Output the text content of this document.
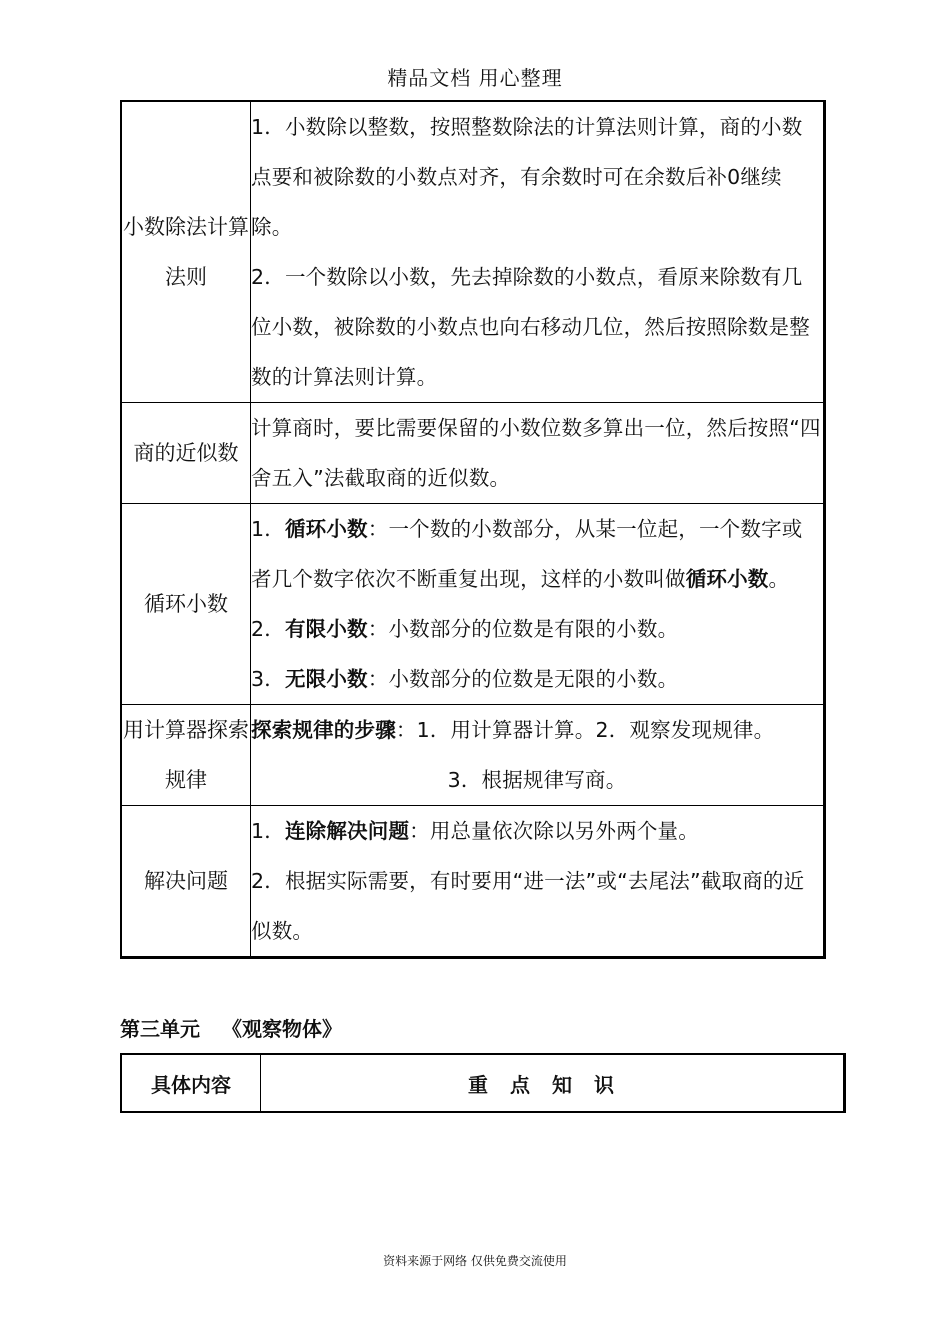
精品文档 用心整理
小数除法计算法则	1．小数除以整数，按照整数除法的计算法则计算，商的小数点要和被除数的小数点对齐，有余数时可在余数后补0继续除。

2．一个数除以小数，先去掉除数的小数点，看原来除数有几位小数，被除数的小数点也向右移动几位，然后按照除数是整数的计算法则计算。

商的近似数	计算商时，要比需要保留的小数位数多算出一位，然后按照“四舍五入”法截取商的近似数。

循环小数	1．循环小数：一个数的小数部分，从某一位起，一个数字或者几个数字依次不断重复出现，这样的小数叫做循环小数。

2．有限小数：小数部分的位数是有限的小数。

3．无限小数：小数部分的位数是无限的小数。

用计算器探索规律	探索规律的步骤：1．用计算器计算。2．观察发现规律。

3．根据规律写商。

解决问题	1．连除解决问题：用总量依次除以另外两个量。

2．根据实际需要，有时要用“进一法”或“去尾法”截取商的近似数。

第三单元 《观察物体》
具体内容	重点知识
资料来源于网络 仅供免费交流使用
